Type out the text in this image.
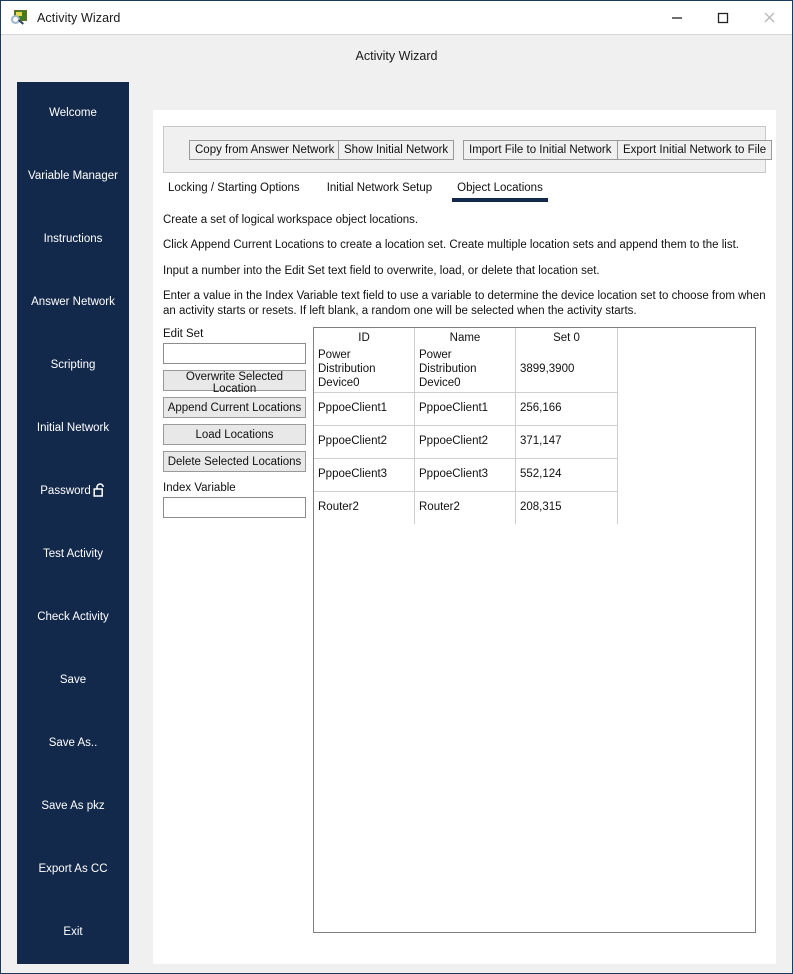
Activity Wizard
Activity Wizard
Welcome
Variable Manager
Instructions
Answer Network
Scripting
Initial Network
Password
Test Activity
Check Activity
Save
Save As..
Save As pkz
Export As CC
Exit
Copy from Answer Network Show Initial Network	Import File to Initial Network Export Initial Network to File
Locking / Starting Options	Initial Network Setup	Object Locations
Create a set of logical workspace object locations.
Click Append Current Locations to create a location set. Create multiple location sets and append them to the list.
Input a number into the Edit Set text field to overwrite, load, or delete that location set.
Enter a value in the Index Variable text field to use a variable to determine the device location set to choose from when an activity starts or resets. If left blank, a random one will be selected when the activity starts.
Edit Set
Overwrite Selected Location
Append Current Locations
Load Locations
Delete Selected Locations
Index Variable
ID	Name	Set 0
Power Distribution Device0	Power Distribution Device0	3899,3900
PppoeClient1	PppoeClient1	256,166
PppoeClient2	PppoeClient2	371,147
PppoeClient3	PppoeClient3	552,124
Router2	Router2	208,315
